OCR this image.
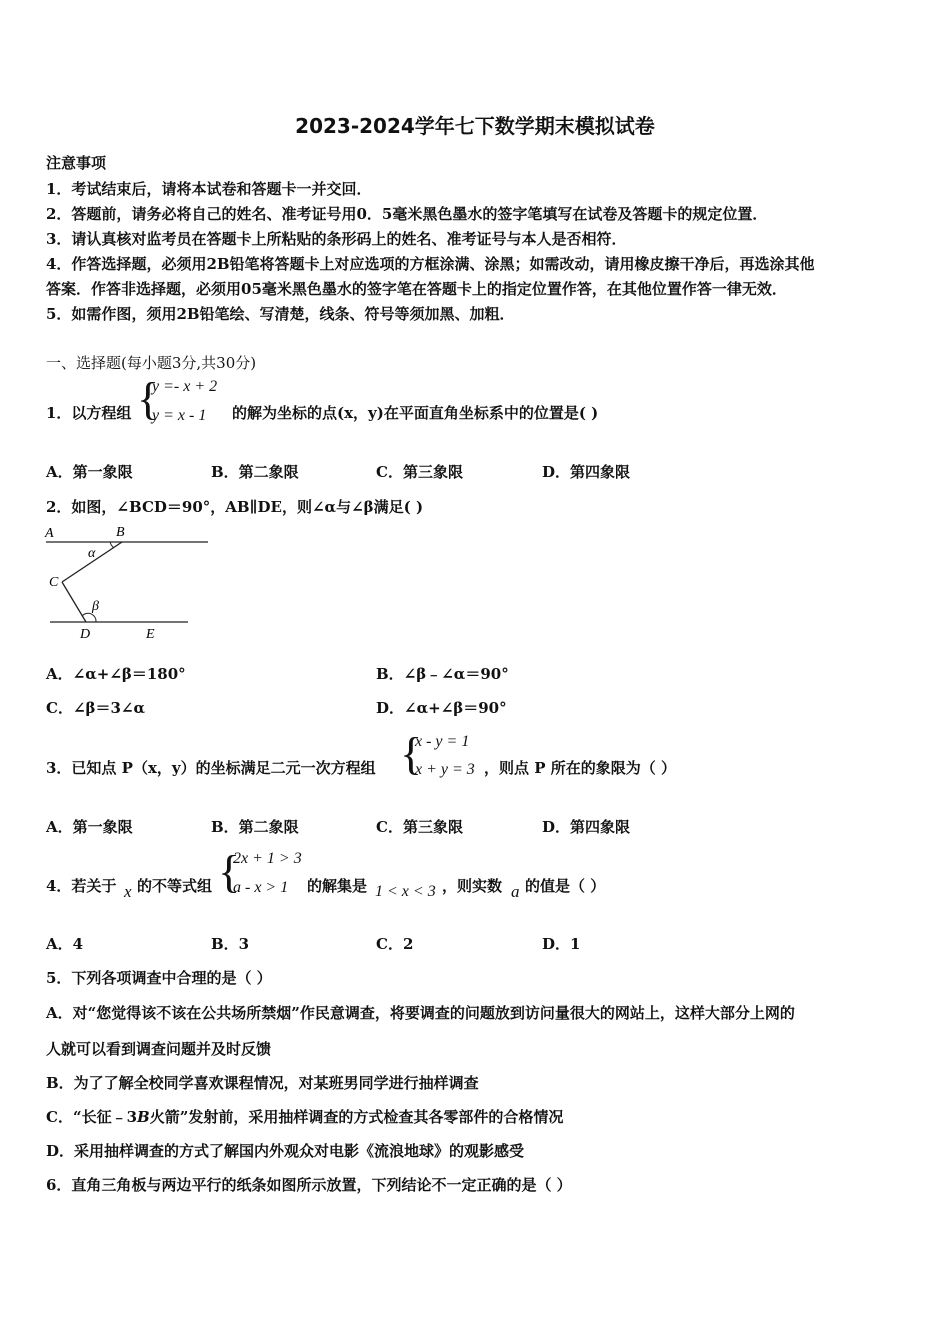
2023-2024学年七下数学期末模拟试卷
注意事项
1．考试结束后，请将本试卷和答题卡一并交回．
2．答题前，请务必将自己的姓名、准考证号用0．5毫米黑色墨水的签字笔填写在试卷及答题卡的规定位置．
3．请认真核对监考员在答题卡上所粘贴的条形码上的姓名、准考证号与本人是否相符．
4．作答选择题，必须用2B铅笔将答题卡上对应选项的方框涂满、涂黑；如需改动，请用橡皮擦干净后，再选涂其他
答案．作答非选择题，必须用05毫米黑色墨水的签字笔在答题卡上的指定位置作答，在其他位置作答一律无效．
5．如需作图，须用2B铅笔绘、写清楚，线条、符号等须加黑、加粗．
一、选择题(每小题3分,共30分)
1．以方程组 {
y =- x + 2
y = x - 1 的解为坐标的点(x，y)在平面直角坐标系中的位置是( )
A．第一象限	B．第二象限	C．第三象限	D．第四象限
2．如图，∠BCD＝90°，AB∥DE，则∠α与∠β满足( )
A	B
α
C
β
D	E
A．∠α+∠β＝180°	B．∠β﹣∠α＝90°
C．∠β＝3∠α	D．∠α+∠β＝90°
3．已知点 P（x，y）的坐标满足二元一次方程组 {
x - y = 1
x + y = 3 ，则点 P 所在的象限为（ ）
A．第一象限	B．第二象限	C．第三象限	D．第四象限
4．若关于 x 的不等式组 {
2x + 1 > 3
a - x > 1 的解集是 1 < x < 3 ，则实数 a 的值是（ ）
A．4	B．3	C．2	D．1
5．下列各项调查中合理的是（ ）
A．对“您觉得该不该在公共场所禁烟”作民意调查，将要调查的问题放到访问量很大的网站上，这样大部分上网的
人就可以看到调查问题并及时反馈
B．为了了解全校同学喜欢课程情况，对某班男同学进行抽样调查
C．“长征﹣3B火箭”发射前，采用抽样调查的方式检查其各零部件的合格情况
D．采用抽样调查的方式了解国内外观众对电影《流浪地球》的观影感受
6．直角三角板与两边平行的纸条如图所示放置，下列结论不一定正确的是（ ）
